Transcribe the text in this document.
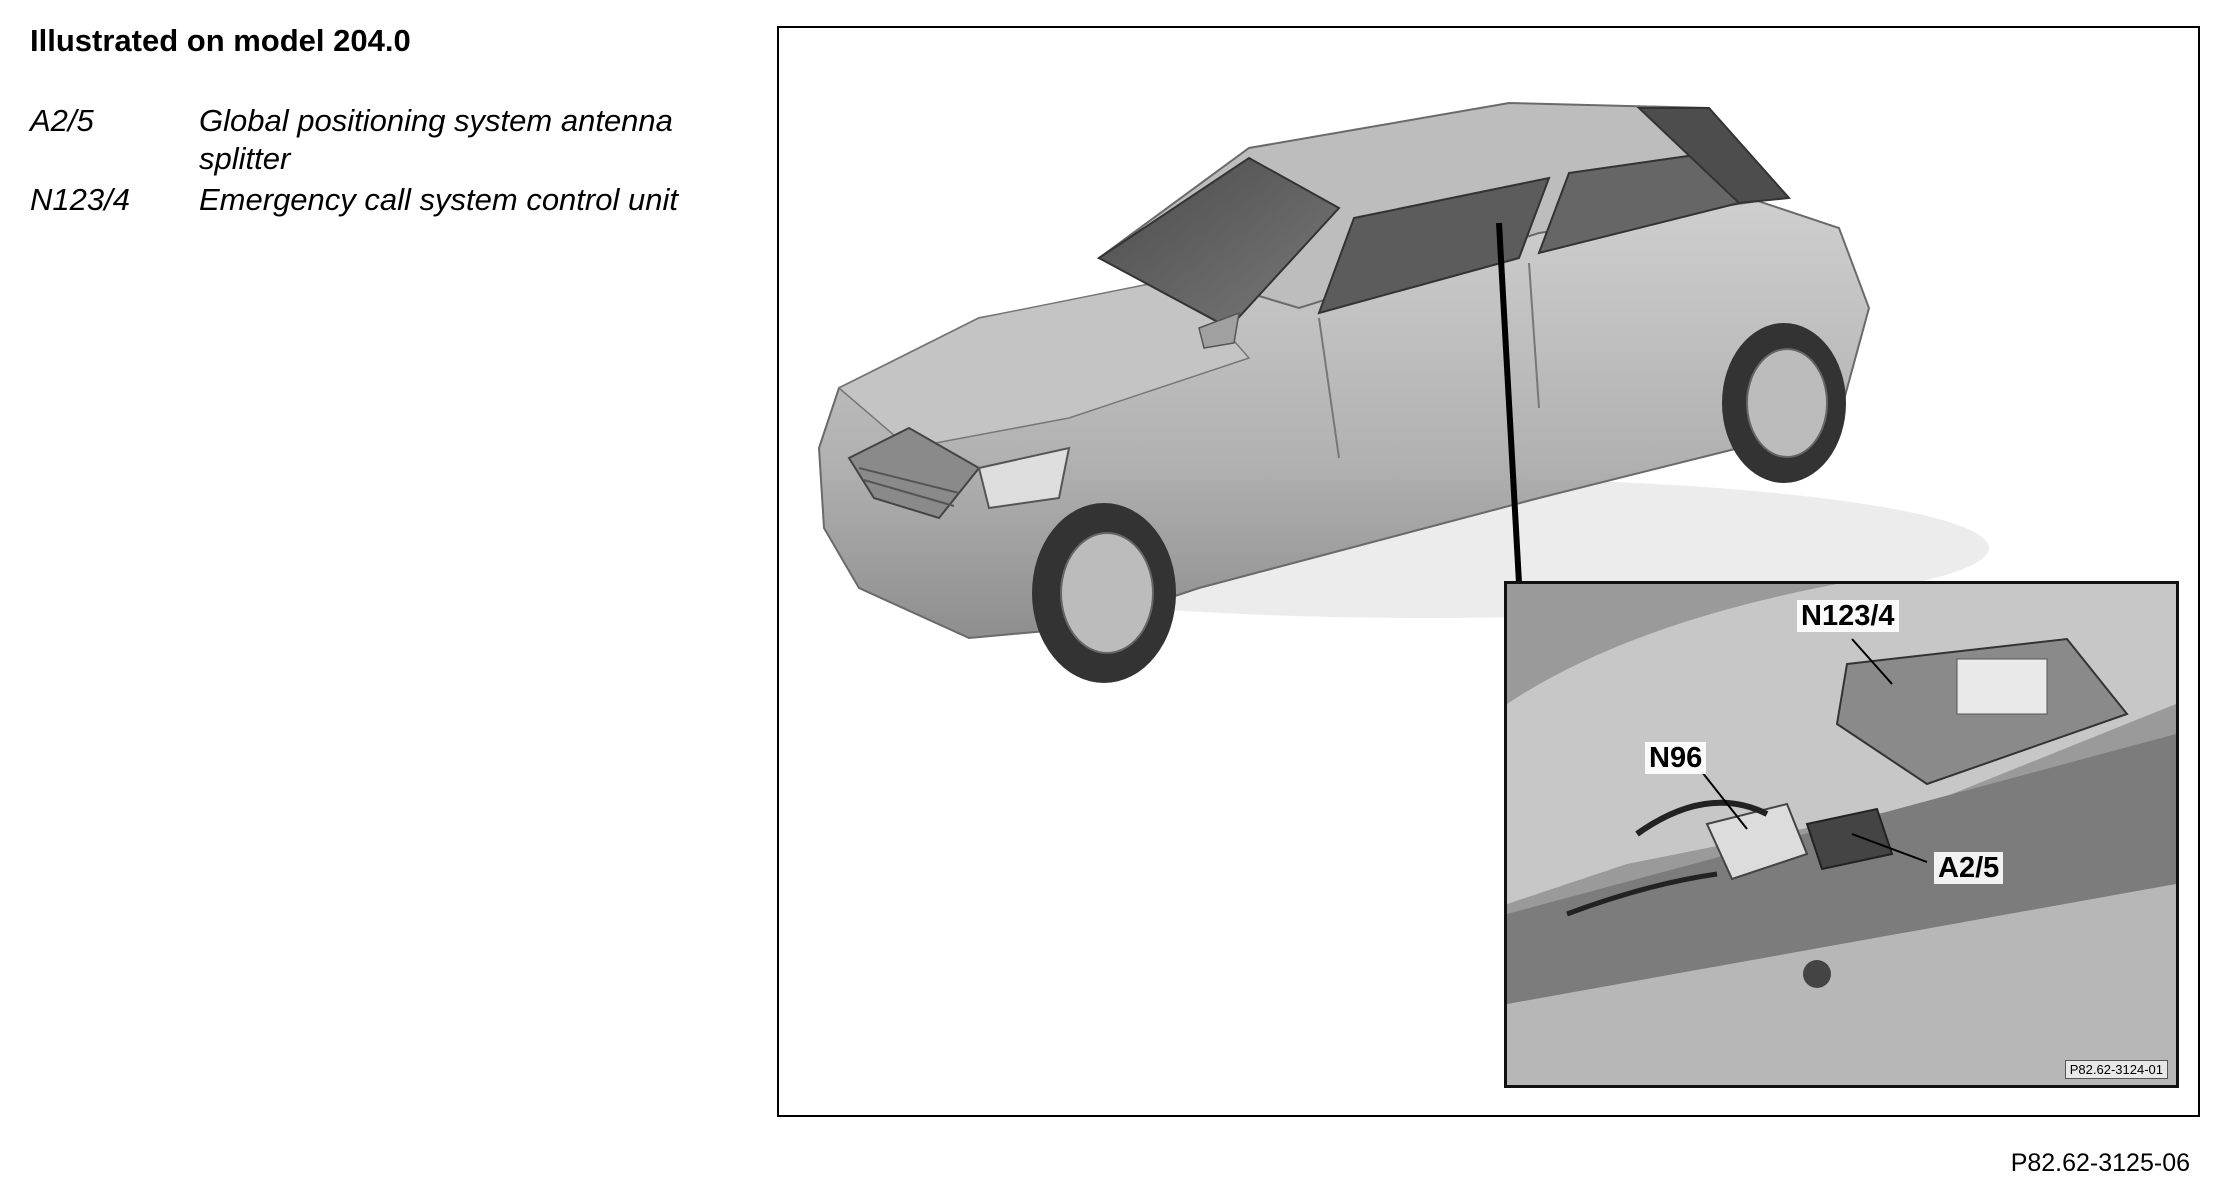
Illustrated on model 204.0
A2/5	Global positioning system antenna splitter
N123/4	Emergency call system control unit
N123/4
N96
A2/5
P82.62-3124-01
P82.62-3125-06
